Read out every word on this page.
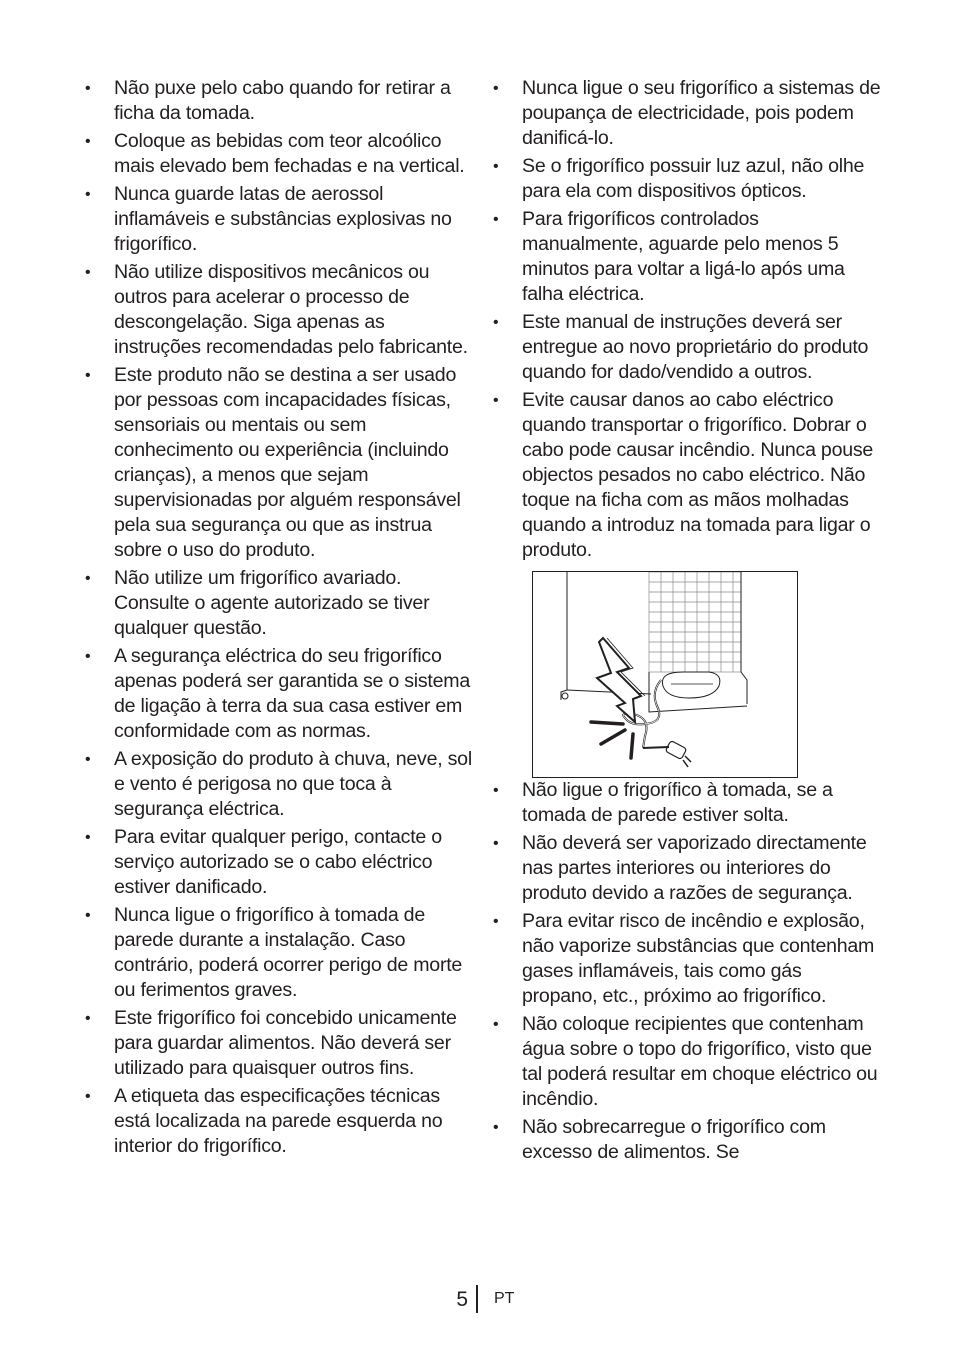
• Não puxe pelo cabo quando for retirar a ficha da tomada.
• Coloque as bebidas com teor alcoólico mais elevado bem fechadas e na vertical.
• Nunca guarde latas de aerossol inflamáveis e substâncias explosivas no frigorífico.
• Não utilize dispositivos mecânicos ou outros para acelerar o processo de descongelação. Siga apenas as instruções recomendadas pelo fabricante.
• Este produto não se destina a ser usado por pessoas com incapacidades físicas, sensoriais ou mentais ou sem conhecimento ou experiência (incluindo crianças), a menos que sejam supervisionadas por alguém responsável pela sua segurança ou que as instrua sobre o uso do produto.
• Não utilize um frigorífico avariado. Consulte o agente autorizado se tiver qualquer questão.
• A segurança eléctrica do seu frigorífico apenas poderá ser garantida se o sistema de ligação à terra da sua casa estiver em conformidade com as normas.
• A exposição do produto à chuva, neve, sol e vento é perigosa no que toca à segurança eléctrica.
• Para evitar qualquer perigo, contacte o serviço autorizado se o cabo eléctrico estiver danificado.
• Nunca ligue o frigorífico à tomada de parede durante a instalação. Caso contrário, poderá ocorrer perigo de morte ou ferimentos graves.
• Este frigorífico foi concebido unicamente para guardar alimentos. Não deverá ser utilizado para quaisquer outros fins.
• A etiqueta das especificações técnicas está localizada na parede esquerda no interior do frigorífico.
• Nunca ligue o seu frigorífico a sistemas de poupança de electricidade, pois podem danificá-lo.
• Se o frigorífico possuir luz azul, não olhe para ela com dispositivos ópticos.
• Para frigoríficos controlados manualmente, aguarde pelo menos 5 minutos para voltar a ligá-lo após uma falha eléctrica.
• Este manual de instruções deverá ser entregue ao novo proprietário do produto quando for dado/vendido a outros.
• Evite causar danos ao cabo eléctrico quando transportar o frigorífico. Dobrar o cabo pode causar incêndio. Nunca pouse objectos pesados no cabo eléctrico. Não toque na ficha com as mãos molhadas quando a introduz na tomada para ligar o produto.
• Não ligue o frigorífico à tomada, se a tomada de parede estiver solta.
• Não deverá ser vaporizado directamente nas partes interiores ou interiores do produto devido a razões de segurança.
• Para evitar risco de incêndio e explosão, não vaporize substâncias que contenham gases inflamáveis, tais como gás propano, etc., próximo ao frigorífico.
• Não coloque recipientes que contenham água sobre o topo do frigorífico, visto que tal poderá resultar em choque eléctrico ou incêndio.
• Não sobrecarregue o frigorífico com excesso de alimentos. Se
5 PT
